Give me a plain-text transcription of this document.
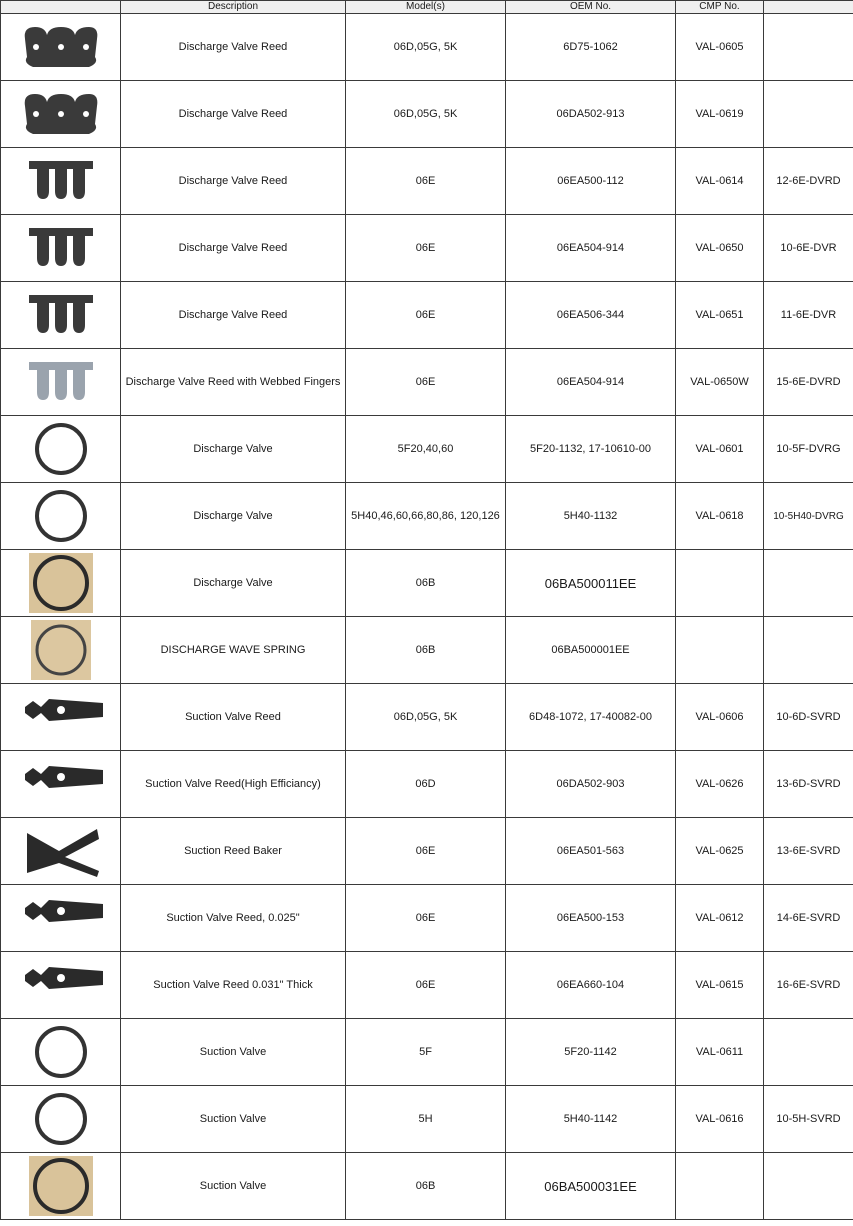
	Description	Model(s)	OEM No.	CMP No.	

	Discharge Valve Reed	06D,05G, 5K	6D75-1062	VAL-0605	

	Discharge Valve Reed	06D,05G, 5K	06DA502-913	VAL-0619	

	Discharge Valve Reed	06E	06EA500-112	VAL-0614	12-6E-DVRD

	Discharge Valve Reed	06E	06EA504-914	VAL-0650	10-6E-DVR

	Discharge Valve Reed	06E	06EA506-344	VAL-0651	11-6E-DVR

	Discharge Valve Reed with Webbed Fingers	06E	06EA504-914	VAL-0650W	15-6E-DVRD

	Discharge Valve	5F20,40,60	5F20-1132, 17-10610-00	VAL-0601	10-5F-DVRG

	Discharge Valve	5H40,46,60,66,80,86, 120,126	5H40-1132	VAL-0618	10-5H40-DVRG

	Discharge Valve	06B	06BA500011EE		

	DISCHARGE WAVE SPRING	06B	06BA500001EE		

	Suction Valve Reed	06D,05G, 5K	6D48-1072, 17-40082-00	VAL-0606	10-6D-SVRD

	Suction Valve Reed(High Efficiancy)	06D	06DA502-903	VAL-0626	13-6D-SVRD

	Suction Reed Baker	06E	06EA501-563	VAL-0625	13-6E-SVRD

	Suction Valve Reed, 0.025"	06E	06EA500-153	VAL-0612	14-6E-SVRD

	Suction Valve Reed 0.031" Thick	06E	06EA660-104	VAL-0615	16-6E-SVRD

	Suction Valve	5F	5F20-1142	VAL-0611	

	Suction Valve	5H	5H40-1142	VAL-0616	10-5H-SVRD

	Suction Valve	06B	06BA500031EE		
